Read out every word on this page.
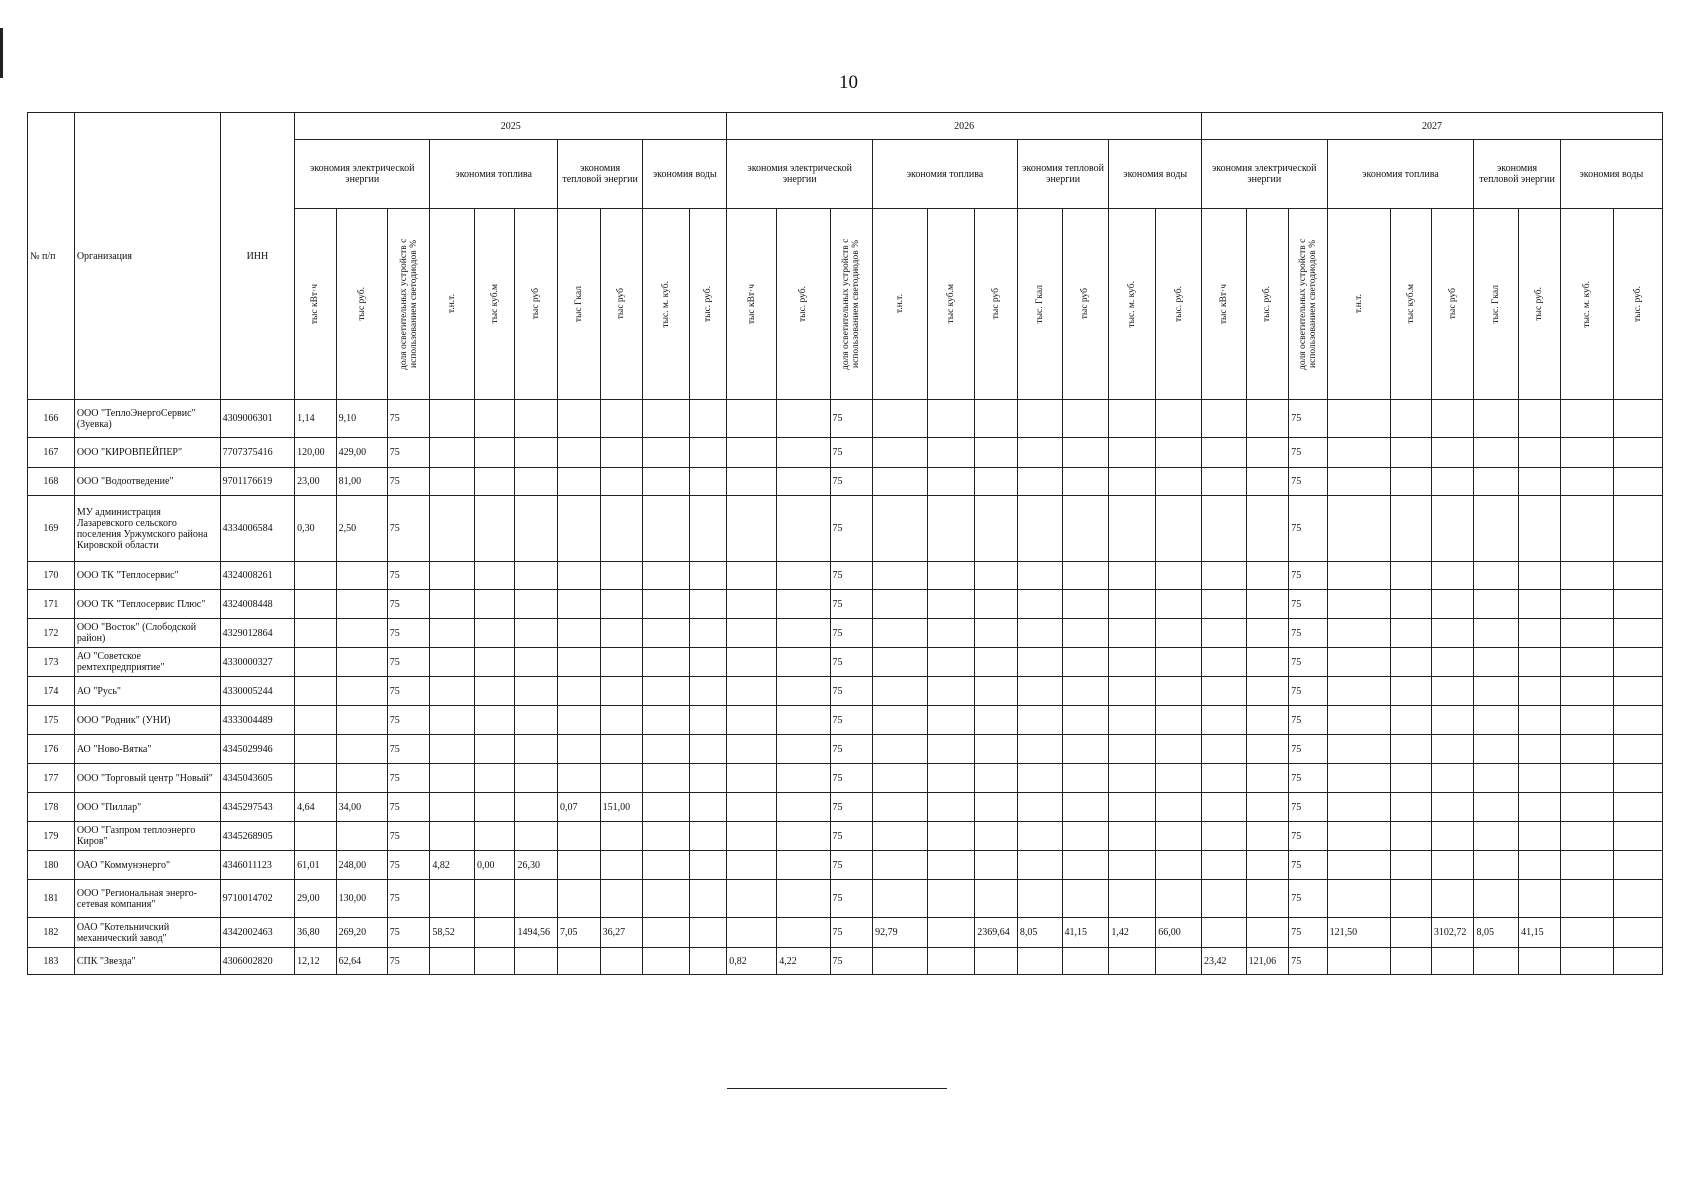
10
№ п/п	Организация	ИНН	2025										2026										2027									
			экономия электрической энергии			экономия топлива			экономия тепловой энергии		экономия воды		экономия электрической энергии			экономия топлива			экономия тепловой энергии		экономия воды		экономия электрической энергии			экономия топлива			экономия тепловой энергии		экономия воды	

			тыс кВт·ч	тыс руб.	доля осветительных устройств с использованием светодиодов %	т.н.т.	тыс куб.м	тыс руб	тыс Гкал	тыс руб	тыс. м. куб.	тыс. руб.	тыс кВт·ч	тыс. руб.	доля осветительных устройств с использованием светодиодов %	т.н.т.	тыс куб.м	тыс руб	тыс. Гкал	тыс руб	тыс. м. куб.	тыс. руб.	тыс кВт·ч	тыс. руб.	доля осветительных устройств с использованием светодиодов %	т.н.т.	тыс куб.м	тыс руб	тыс. Гкал	тыс руб.	тыс. м. куб.	тыс. руб.

166	ООО "ТеплоЭнергоСервис" (Зуевка)	4309006301	1,14	9,10	75										75										75							
167	ООО "КИРОВПЕЙПЕР"	7707375416	120,00	429,00	75										75										75							
168	ООО "Водоотведение"	9701176619	23,00	81,00	75										75										75							
169	МУ администрация Лазаревского сельского поселения Уржумского района Кировской области	4334006584	0,30	2,50	75										75										75							
170	ООО ТК "Теплосервис"	4324008261			75										75										75							
171	ООО ТК "Теплосервис Плюс"	4324008448			75										75										75							
172	ООО "Восток" (Слободской район)	4329012864			75										75										75							
173	АО "Советское ремтехпредприятие"	4330000327			75										75										75							
174	АО "Русь"	4330005244			75										75										75							
175	ООО "Родник" (УНИ)	4333004489			75										75										75							
176	АО "Ново-Вятка"	4345029946			75										75										75							
177	ООО "Торговый центр "Новый"	4345043605			75										75										75							
178	ООО "Пиллар"	4345297543	4,64	34,00	75				0,07	151,00					75										75							
179	ООО "Газпром теплоэнерго Киров"	4345268905			75										75										75							
180	ОАО "Коммунэнерго"	4346011123	61,01	248,00	75	4,82	0,00	26,30							75										75							
181	ООО "Региональная энерго-сетевая компания"	9710014702	29,00	130,00	75										75										75							
182	ОАО "Котельничский механический завод"	4342002463	36,80	269,20	75	58,52		1494,56	7,05	36,27					75	92,79		2369,64	8,05	41,15	1,42	66,00			75	121,50		3102,72	8,05	41,15		
183	СПК "Звезда"	4306002820	12,12	62,64	75								0,82	4,22	75								23,42	121,06	75							
